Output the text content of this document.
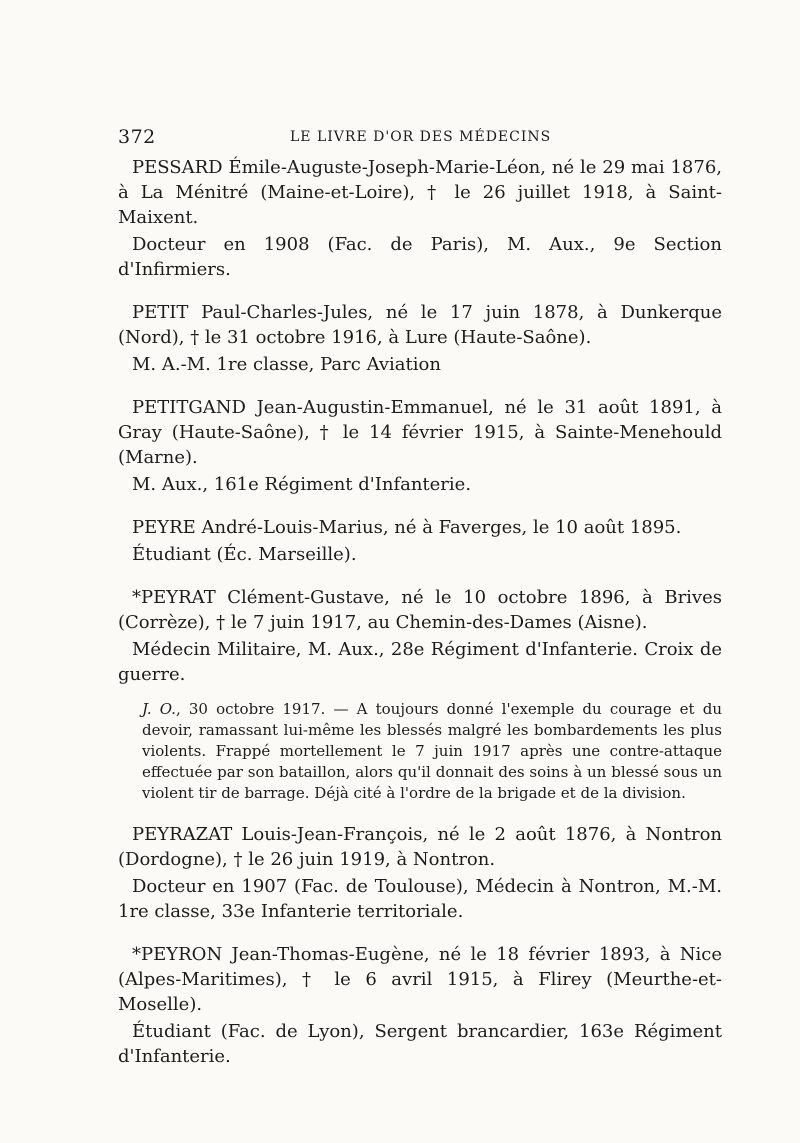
372	LE LIVRE D'OR DES MÉDECINS

PESSARD Émile-Auguste-Joseph-Marie-Léon, né le 29 mai 1876, à La Ménitré (Maine-et-Loire), † le 26 juillet 1918, à Saint-Maixent.

Docteur en 1908 (Fac. de Paris), M. Aux., 9e Section d'Infirmiers.

PETIT Paul-Charles-Jules, né le 17 juin 1878, à Dunkerque (Nord), † le 31 octobre 1916, à Lure (Haute-Saône).

M. A.-M. 1re classe, Parc Aviation

PETITGAND Jean-Augustin-Emmanuel, né le 31 août 1891, à Gray (Haute-Saône), † le 14 février 1915, à Sainte-Menehould (Marne).

M. Aux., 161e Régiment d'Infanterie.

PEYRE André-Louis-Marius, né à Faverges, le 10 août 1895.

Étudiant (Éc. Marseille).

*PEYRAT Clément-Gustave, né le 10 octobre 1896, à Brives (Corrèze), † le 7 juin 1917, au Chemin-des-Dames (Aisne).

Médecin Militaire, M. Aux., 28e Régiment d'Infanterie. Croix de guerre.

J. O., 30 octobre 1917. — A toujours donné l'exemple du courage et du devoir, ramassant lui-même les blessés malgré les bombardements les plus violents. Frappé mortellement le 7 juin 1917 après une contre-attaque effectuée par son bataillon, alors qu'il donnait des soins à un blessé sous un violent tir de barrage. Déjà cité à l'ordre de la brigade et de la division.

PEYRAZAT Louis-Jean-François, né le 2 août 1876, à Nontron (Dordogne), † le 26 juin 1919, à Nontron.

Docteur en 1907 (Fac. de Toulouse), Médecin à Nontron, M.-M. 1re classe, 33e Infanterie territoriale.

*PEYRON Jean-Thomas-Eugène, né le 18 février 1893, à Nice (Alpes-Maritimes), † le 6 avril 1915, à Flirey (Meurthe-et-Moselle).

Étudiant (Fac. de Lyon), Sergent brancardier, 163e Régiment d'Infanterie.
